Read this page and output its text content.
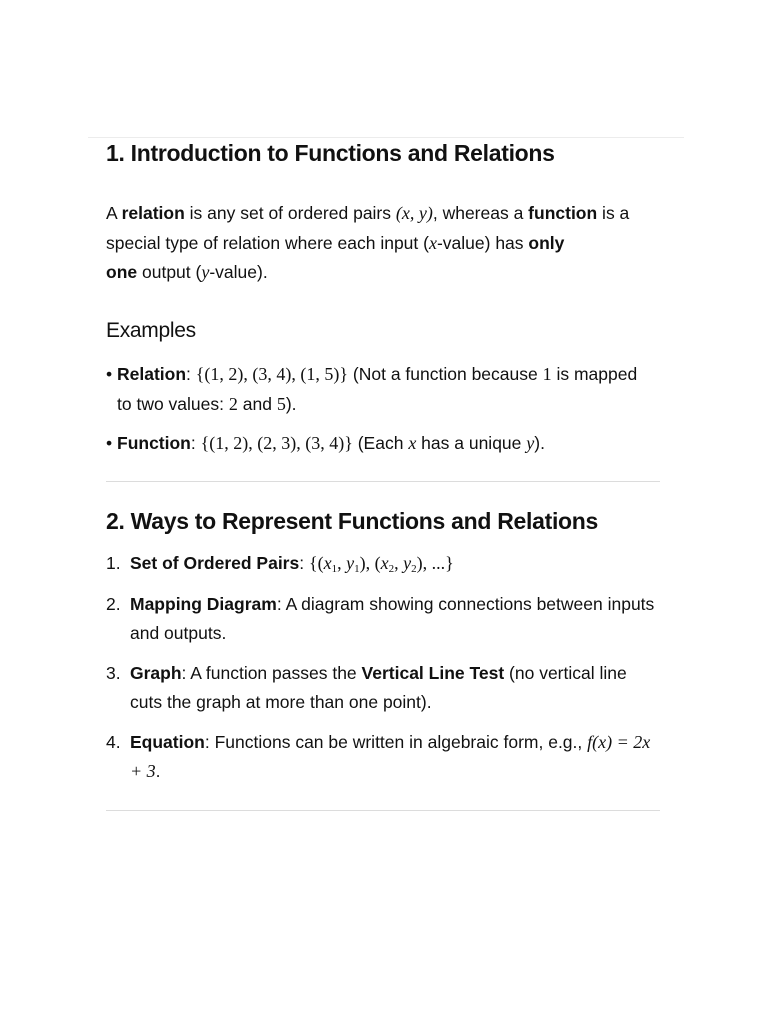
1. Introduction to Functions and Relations

A relation is any set of ordered pairs (x, y), whereas a function is a special type of relation where each input (x-value) has only
one output (y-value).

Examples
• Relation: {(1, 2), (3, 4), (1, 5)} (Not a function because 1 is mapped to two values: 2 and 5).
• Function: {(1, 2), (2, 3), (3, 4)} (Each x has a unique y).
2. Ways to Represent Functions and Relations
1. Set of Ordered Pairs: {($x_1$, $y_1$), ($x_2$, $y_2$), ...}
2. Mapping Diagram: A diagram showing connections between inputs and outputs.
3. Graph: A function passes the Vertical Line Test (no vertical line cuts the graph at more than one point).
4. Equation: Functions can be written in algebraic form, e.g., f(x) = 2x + 3.
